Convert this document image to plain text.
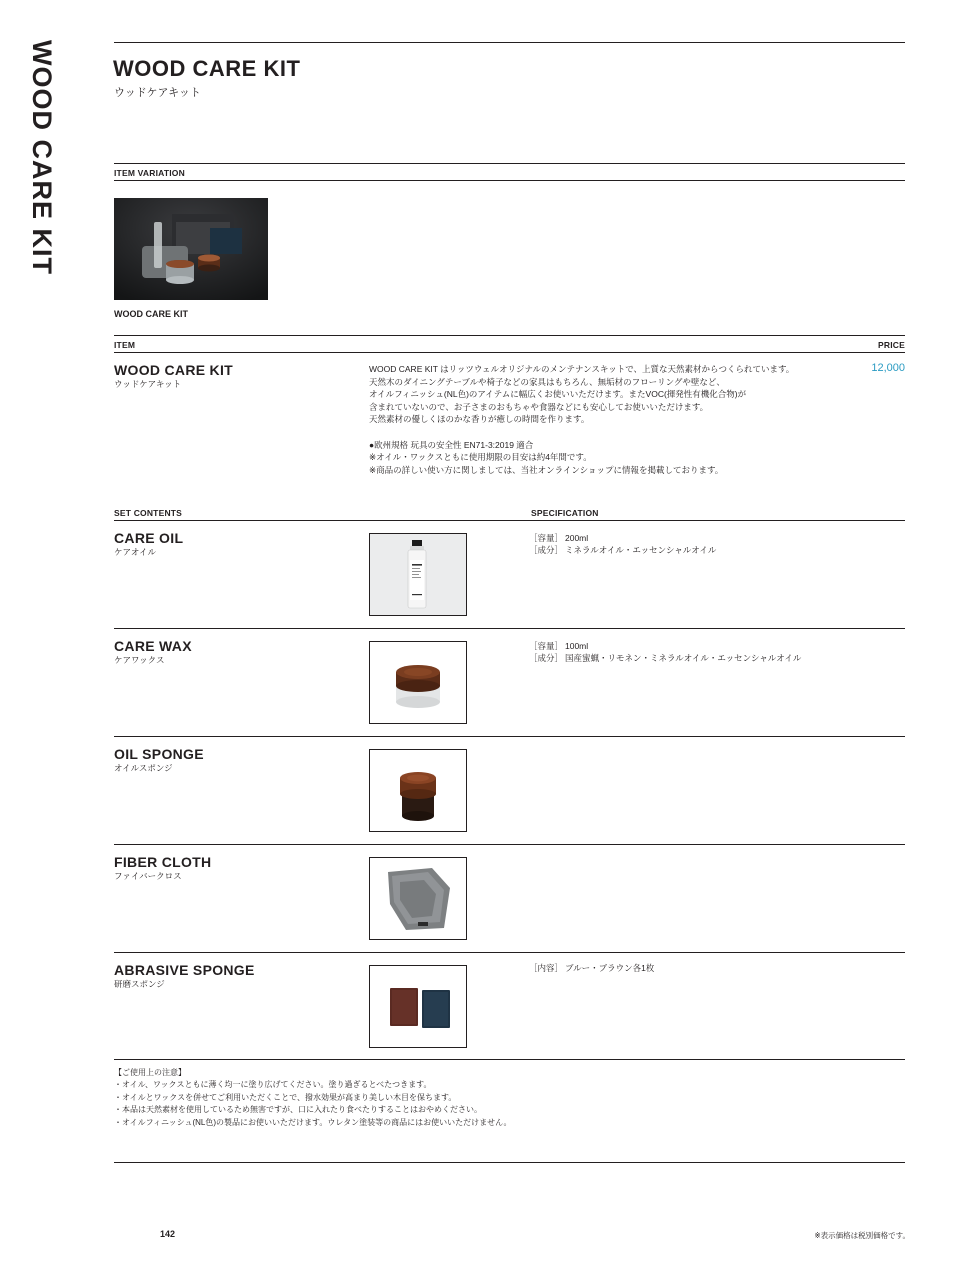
WOOD CARE KIT	WOOD CARE KIT
ウッドケアキット
ITEM VARIATION
WOOD CARE KIT
ITEM	PRICE
WOOD CARE KIT
ウッドケアキット

WOOD CARE KIT はリッツウェルオリジナルのメンテナンスキットで、上質な天然素材からつくられています。

天然木のダイニングテーブルや椅子などの家具はもちろん、無垢材のフローリングや壁など、

オイルフィニッシュ(NL色)のアイテムに幅広くお使いいただけます。またVOC(揮発性有機化合物)が

含まれていないので、お子さまのおもちゃや食器などにも安心してお使いいただけます。

天然素材の優しくほのかな香りが癒しの時間を作ります。

●欧州規格 玩具の安全性 EN71-3:2019 適合

※オイル・ワックスともに使用期限の目安は約4年間です。

※商品の詳しい使い方に関しましては、当社オンラインショップに情報を掲載しております。

12,000
SET CONTENTS	SPECIFICATION
CARE OIL
ケアオイル
［容量］ 200ml
［成分］ ミネラルオイル・エッセンシャルオイル
CARE WAX
ケアワックス
［容量］ 100ml
［成分］ 国産蜜蝋・リモネン・ミネラルオイル・エッセンシャルオイル
OIL SPONGE
オイルスポンジ
FIBER CLOTH
ファイバークロス
ABRASIVE SPONGE
研磨スポンジ
［内容］ ブルー・ブラウン各1枚
【ご使用上の注意】
・オイル、ワックスともに薄く均一に塗り広げてください。塗り過ぎるとべたつきます。
・オイルとワックスを併せてご利用いただくことで、撥水効果が高まり美しい木目を保ちます。
・本品は天然素材を使用しているため無害ですが、口に入れたり食べたりすることはおやめください。
・オイルフィニッシュ(NL色)の製品にお使いいただけます。ウレタン塗装等の商品にはお使いいただけません。
142	※表示価格は税別価格です。
